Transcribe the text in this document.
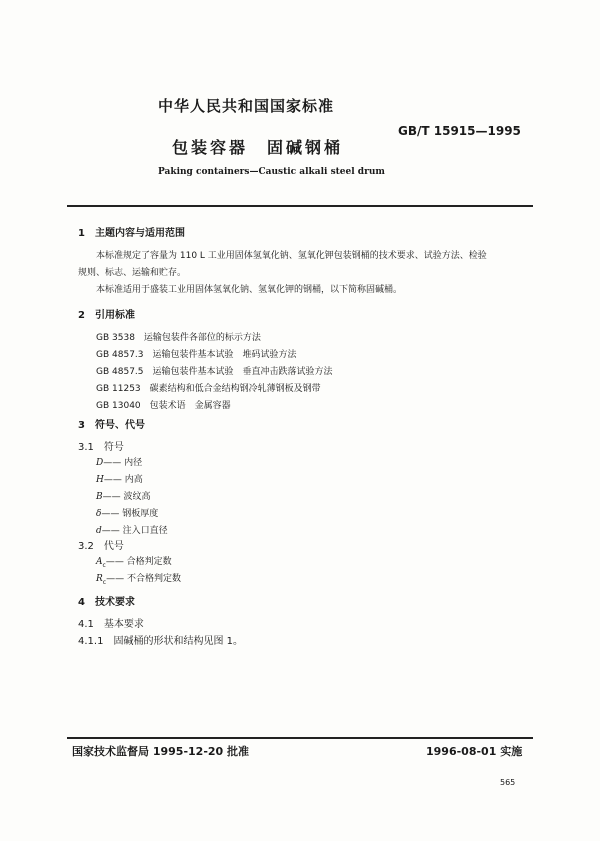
中华人民共和国国家标准
GB/T 15915—1995
包装容器　固碱钢桶
Paking containers—Caustic alkali steel drum
1　主题内容与适用范围
本标准规定了容量为 110 L 工业用固体氢氧化钠、氢氧化钾包装钢桶的技术要求、试验方法、检验
规则、标志、运输和贮存。
本标准适用于盛装工业用固体氢氧化钠、氢氧化钾的钢桶，以下简称固碱桶。
2　引用标准
GB 3538　运输包装件各部位的标示方法
GB 4857.3　运输包装件基本试验　堆码试验方法
GB 4857.5　运输包装件基本试验　垂直冲击跌落试验方法
GB 11253　碳素结构和低合金结构钢冷轧薄钢板及钢带
GB 13040　包装术语　金属容器
3　符号、代号
3.1　符号
D—— 内径
H—— 内高
B—— 波纹高
δ—— 钢板厚度
d—— 注入口直径
3.2　代号
$A_c——$ 合格判定数
$R_c——$ 不合格判定数
4　技术要求
4.1　基本要求
4.1.1　固碱桶的形状和结构见图 1。
国家技术监督局 1995-12-20 批准	1996-08-01 实施
565
